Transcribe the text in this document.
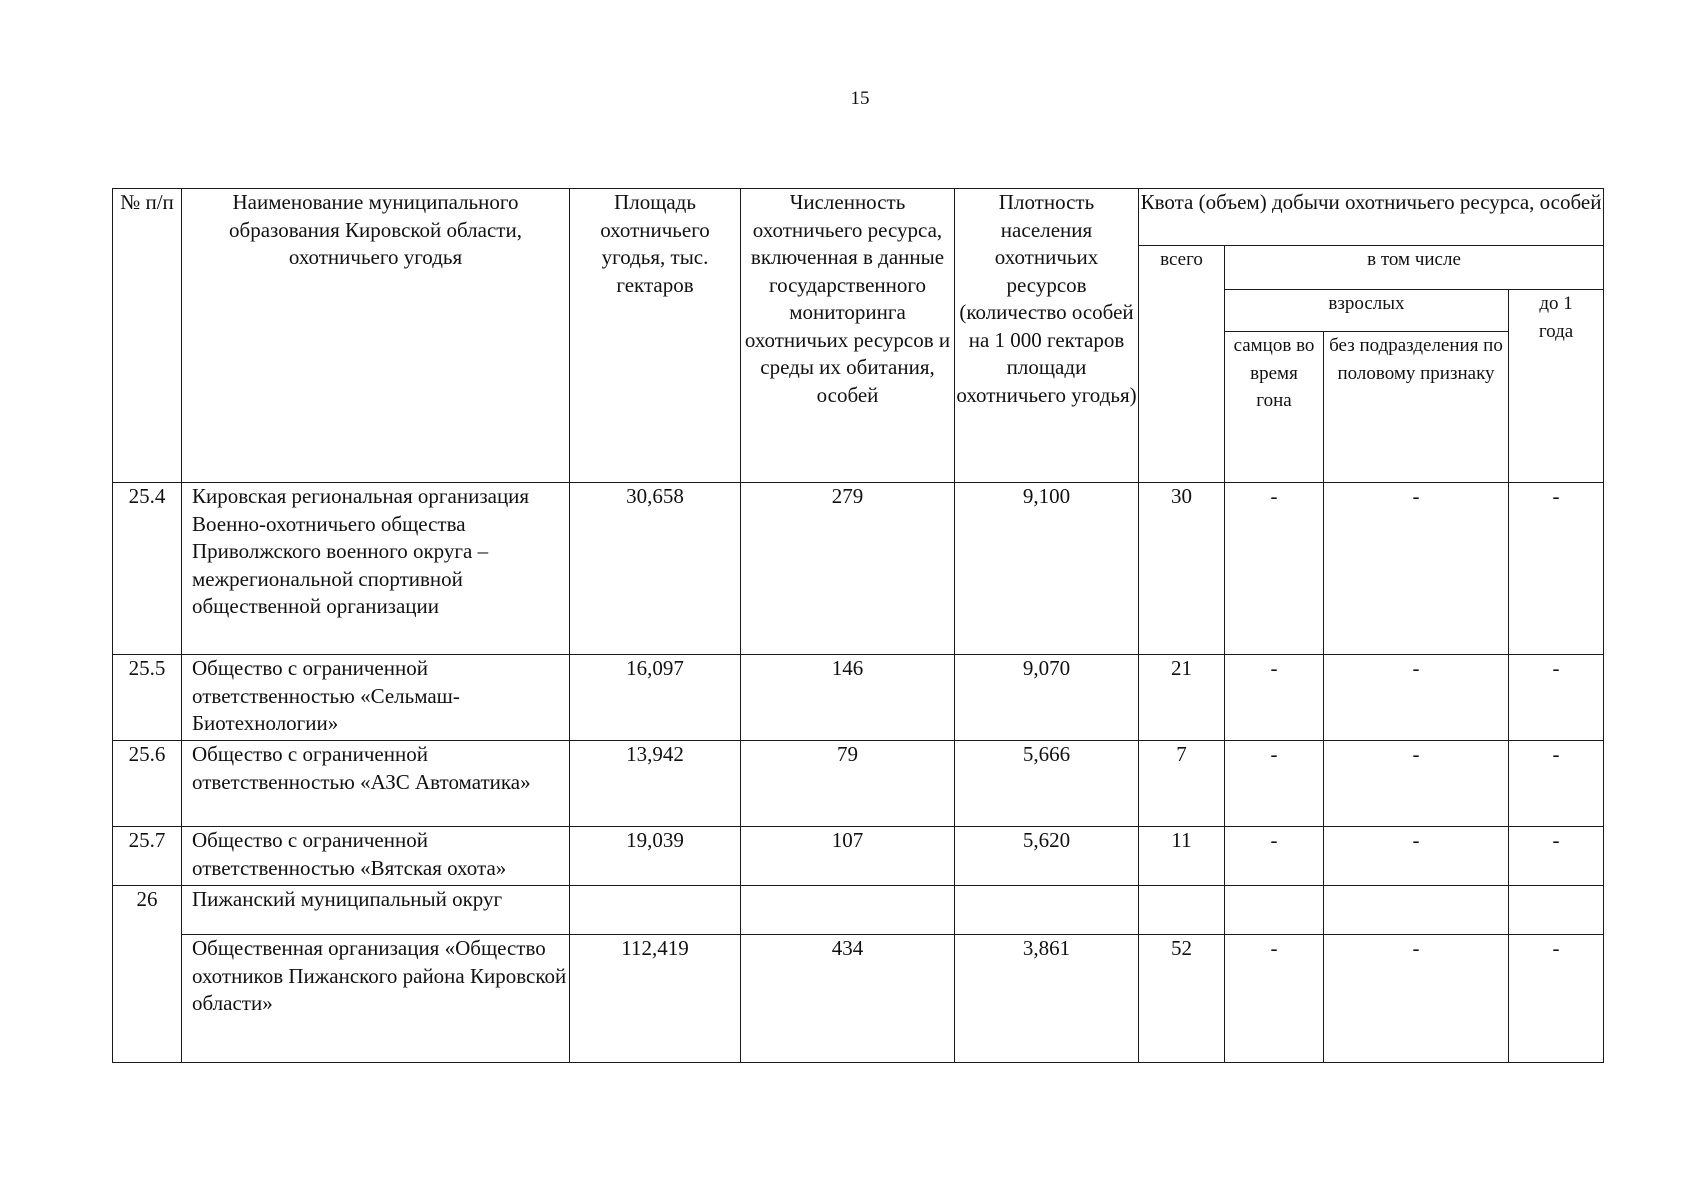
15
№ п/п	Наименование муниципального образования Кировской области, охотничьего угодья	Площадь охотничьего угодья, тыс. гектаров	Численность охотничьего ресурса, включенная в данные государственного мониторинга охотничьих ресурсов и среды их обитания, особей	Плотность населения охотничьих ресурсов (количество особей на 1 000 гектаров площади охотничьего угодья)	Квота (объем) добычи охотничьего ресурса, особей			
					всего	в том числе		
						взрослых		до 1 года
						самцов во время гона	без подразделения по половому признаку	
25.4	Кировская региональная организация Военно-охотничьего общества Приволжского военного округа – межрегиональной спортивной общественной организации	30,658	279	9,100	30	-	-	-
25.5	Общество с ограниченной ответственностью «Сельмаш-Биотехнологии»	16,097	146	9,070	21	-	-	-
25.6	Общество с ограниченной ответственностью «АЗС Автоматика»	13,942	79	5,666	7	-	-	-
25.7	Общество с ограниченной ответственностью «Вятская охота»	19,039	107	5,620	11	-	-	-
26	Пижанский муниципальный округ							
	Общественная организация «Общество охотников Пижанского района Кировской области»	112,419	434	3,861	52	-	-	-
